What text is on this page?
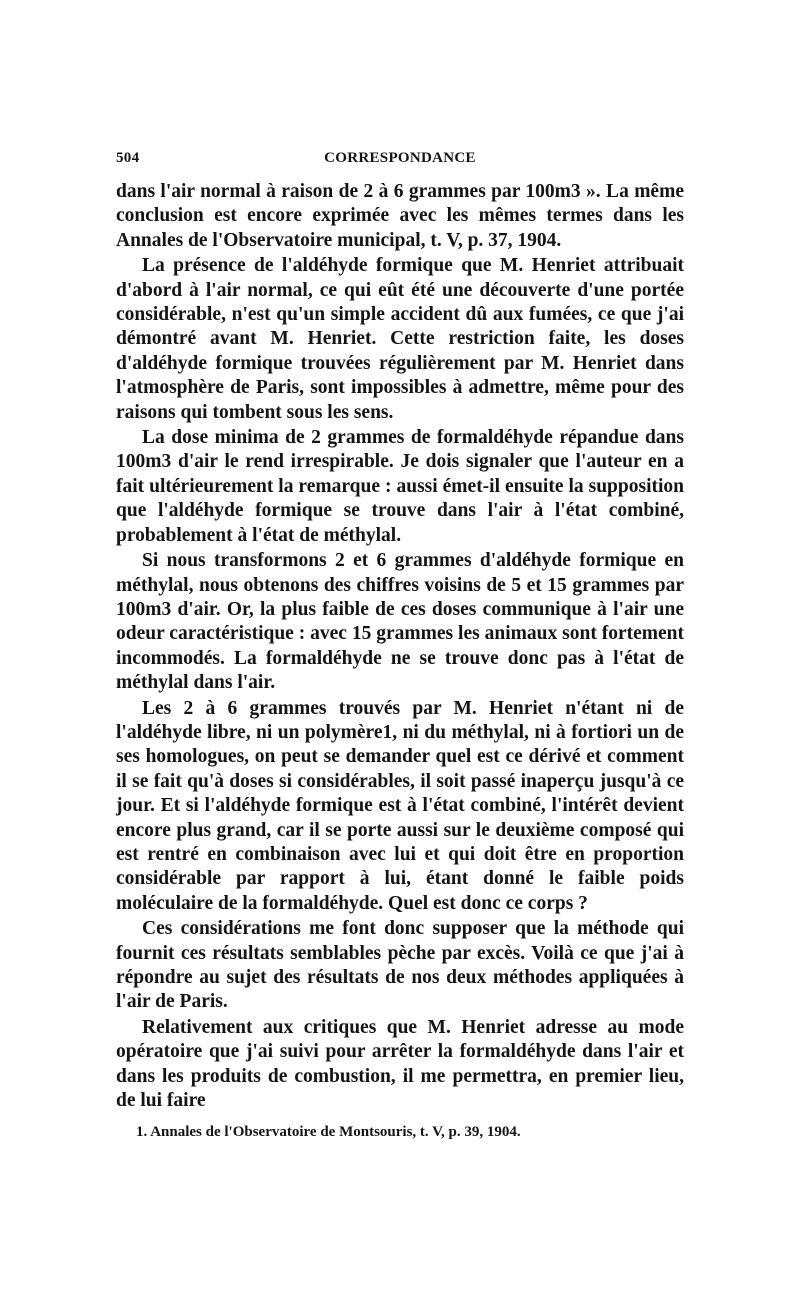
504	CORRESPONDANCE

dans l'air normal à raison de 2 à 6 grammes par 100m3 ». La même conclusion est encore exprimée avec les mêmes termes dans les Annales de l'Observatoire municipal, t. V, p. 37, 1904.

La présence de l'aldéhyde formique que M. Henriet attribuait d'abord à l'air normal, ce qui eût été une découverte d'une portée considérable, n'est qu'un simple accident dû aux fumées, ce que j'ai démontré avant M. Henriet. Cette restriction faite, les doses d'aldéhyde formique trouvées régulièrement par M. Henriet dans l'atmosphère de Paris, sont impossibles à admettre, même pour des raisons qui tombent sous les sens.

La dose minima de 2 grammes de formaldéhyde répandue dans 100m3 d'air le rend irrespirable. Je dois signaler que l'auteur en a fait ultérieurement la remarque : aussi émet-il ensuite la supposition que l'aldéhyde formique se trouve dans l'air à l'état combiné, probablement à l'état de méthylal.

Si nous transformons 2 et 6 grammes d'aldéhyde formique en méthylal, nous obtenons des chiffres voisins de 5 et 15 grammes par 100m3 d'air. Or, la plus faible de ces doses communique à l'air une odeur caractéristique : avec 15 grammes les animaux sont fortement incommodés. La formaldéhyde ne se trouve donc pas à l'état de méthylal dans l'air.

Les 2 à 6 grammes trouvés par M. Henriet n'étant ni de l'aldéhyde libre, ni un polymère1, ni du méthylal, ni à fortiori un de ses homologues, on peut se demander quel est ce dérivé et comment il se fait qu'à doses si considérables, il soit passé inaperçu jusqu'à ce jour. Et si l'aldéhyde formique est à l'état combiné, l'intérêt devient encore plus grand, car il se porte aussi sur le deuxième composé qui est rentré en combinaison avec lui et qui doit être en proportion considérable par rapport à lui, étant donné le faible poids moléculaire de la formaldéhyde. Quel est donc ce corps ?

Ces considérations me font donc supposer que la méthode qui fournit ces résultats semblables pèche par excès. Voilà ce que j'ai à répondre au sujet des résultats de nos deux méthodes appliquées à l'air de Paris.

Relativement aux critiques que M. Henriet adresse au mode opératoire que j'ai suivi pour arrêter la formaldéhyde dans l'air et dans les produits de combustion, il me permettra, en premier lieu, de lui faire

1. Annales de l'Observatoire de Montsouris, t. V, p. 39, 1904.
